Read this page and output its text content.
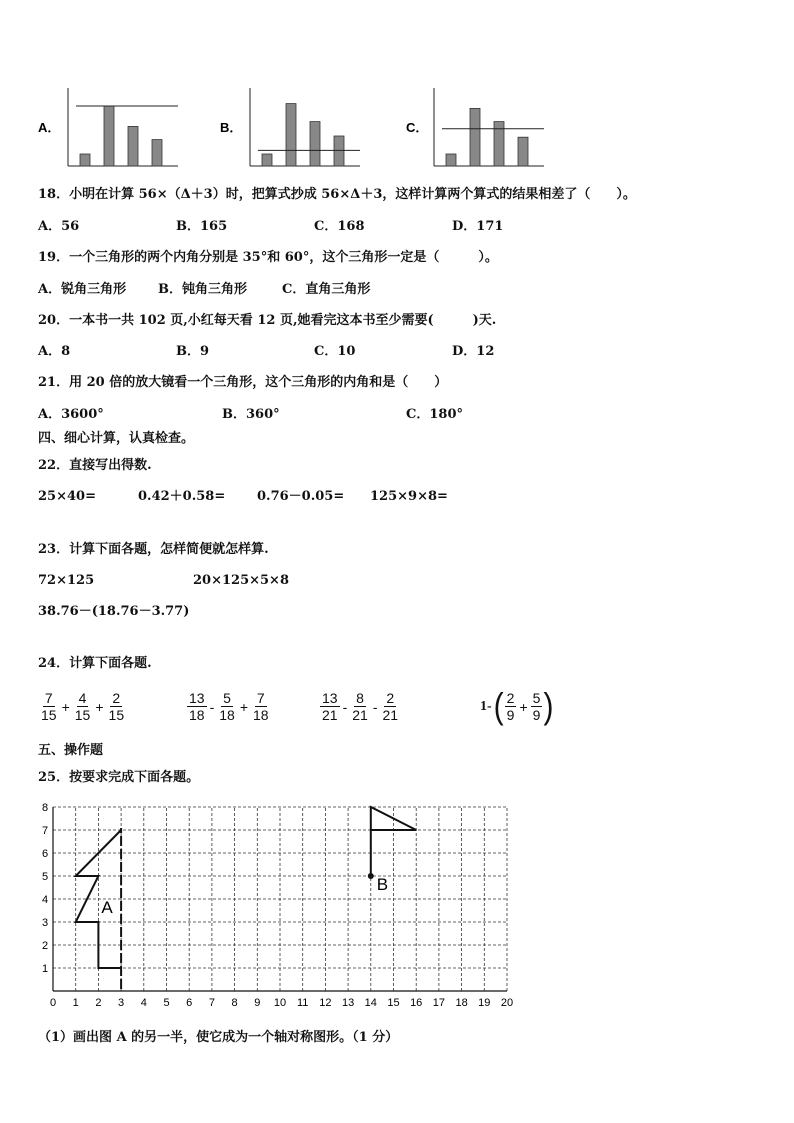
A．	B．	C．
18．小明在计算 56×（Δ＋3）时，把算式抄成 56×Δ＋3，这样计算两个算式的结果相差了（　　）。
A．56	B．165	C．168	D．171
19．一个三角形的两个内角分别是 35°和 60°，这个三角形一定是（　　　）。
A．锐角三角形 B．钝角三角形	C．直角三角形
20．一本书一共 102 页,小红每天看 12 页,她看完这本书至少需要(　　　)天.
A．8	B．9	C．10	D．12
21．用 20 倍的放大镜看一个三角形，这个三角形的内角和是（　　）
A．3600°	B．360°	C．180°
四、细心计算，认真检查。
22．直接写出得数.
25×40=	0.42＋0.58= 0.76－0.05= 125×9×8=
23．计算下面各题，怎样简便就怎样算.
72×125	20×125×5×8
38.76－(18.76－3.77)
24．计算下面各题.
$\frac{7}{15} + \frac{4}{15} + \frac{2}{15}$	$\frac{13}{18} - \frac{5}{18} + \frac{7}{18}$	$\frac{13}{21} - \frac{8}{21} - \frac{2}{21}$	1- ( $\frac{2}{9} + \frac{5}{9}$ )
五、操作题
25．按要求完成下面各题。
0 1 2 3 4 5 6 7 8 9 10 11 12 13 14 15 16 17 18 19 20
1
2
3
4
5
6
7
8
A
B
（1）画出图 A 的另一半，使它成为一个轴对称图形。（1 分）
